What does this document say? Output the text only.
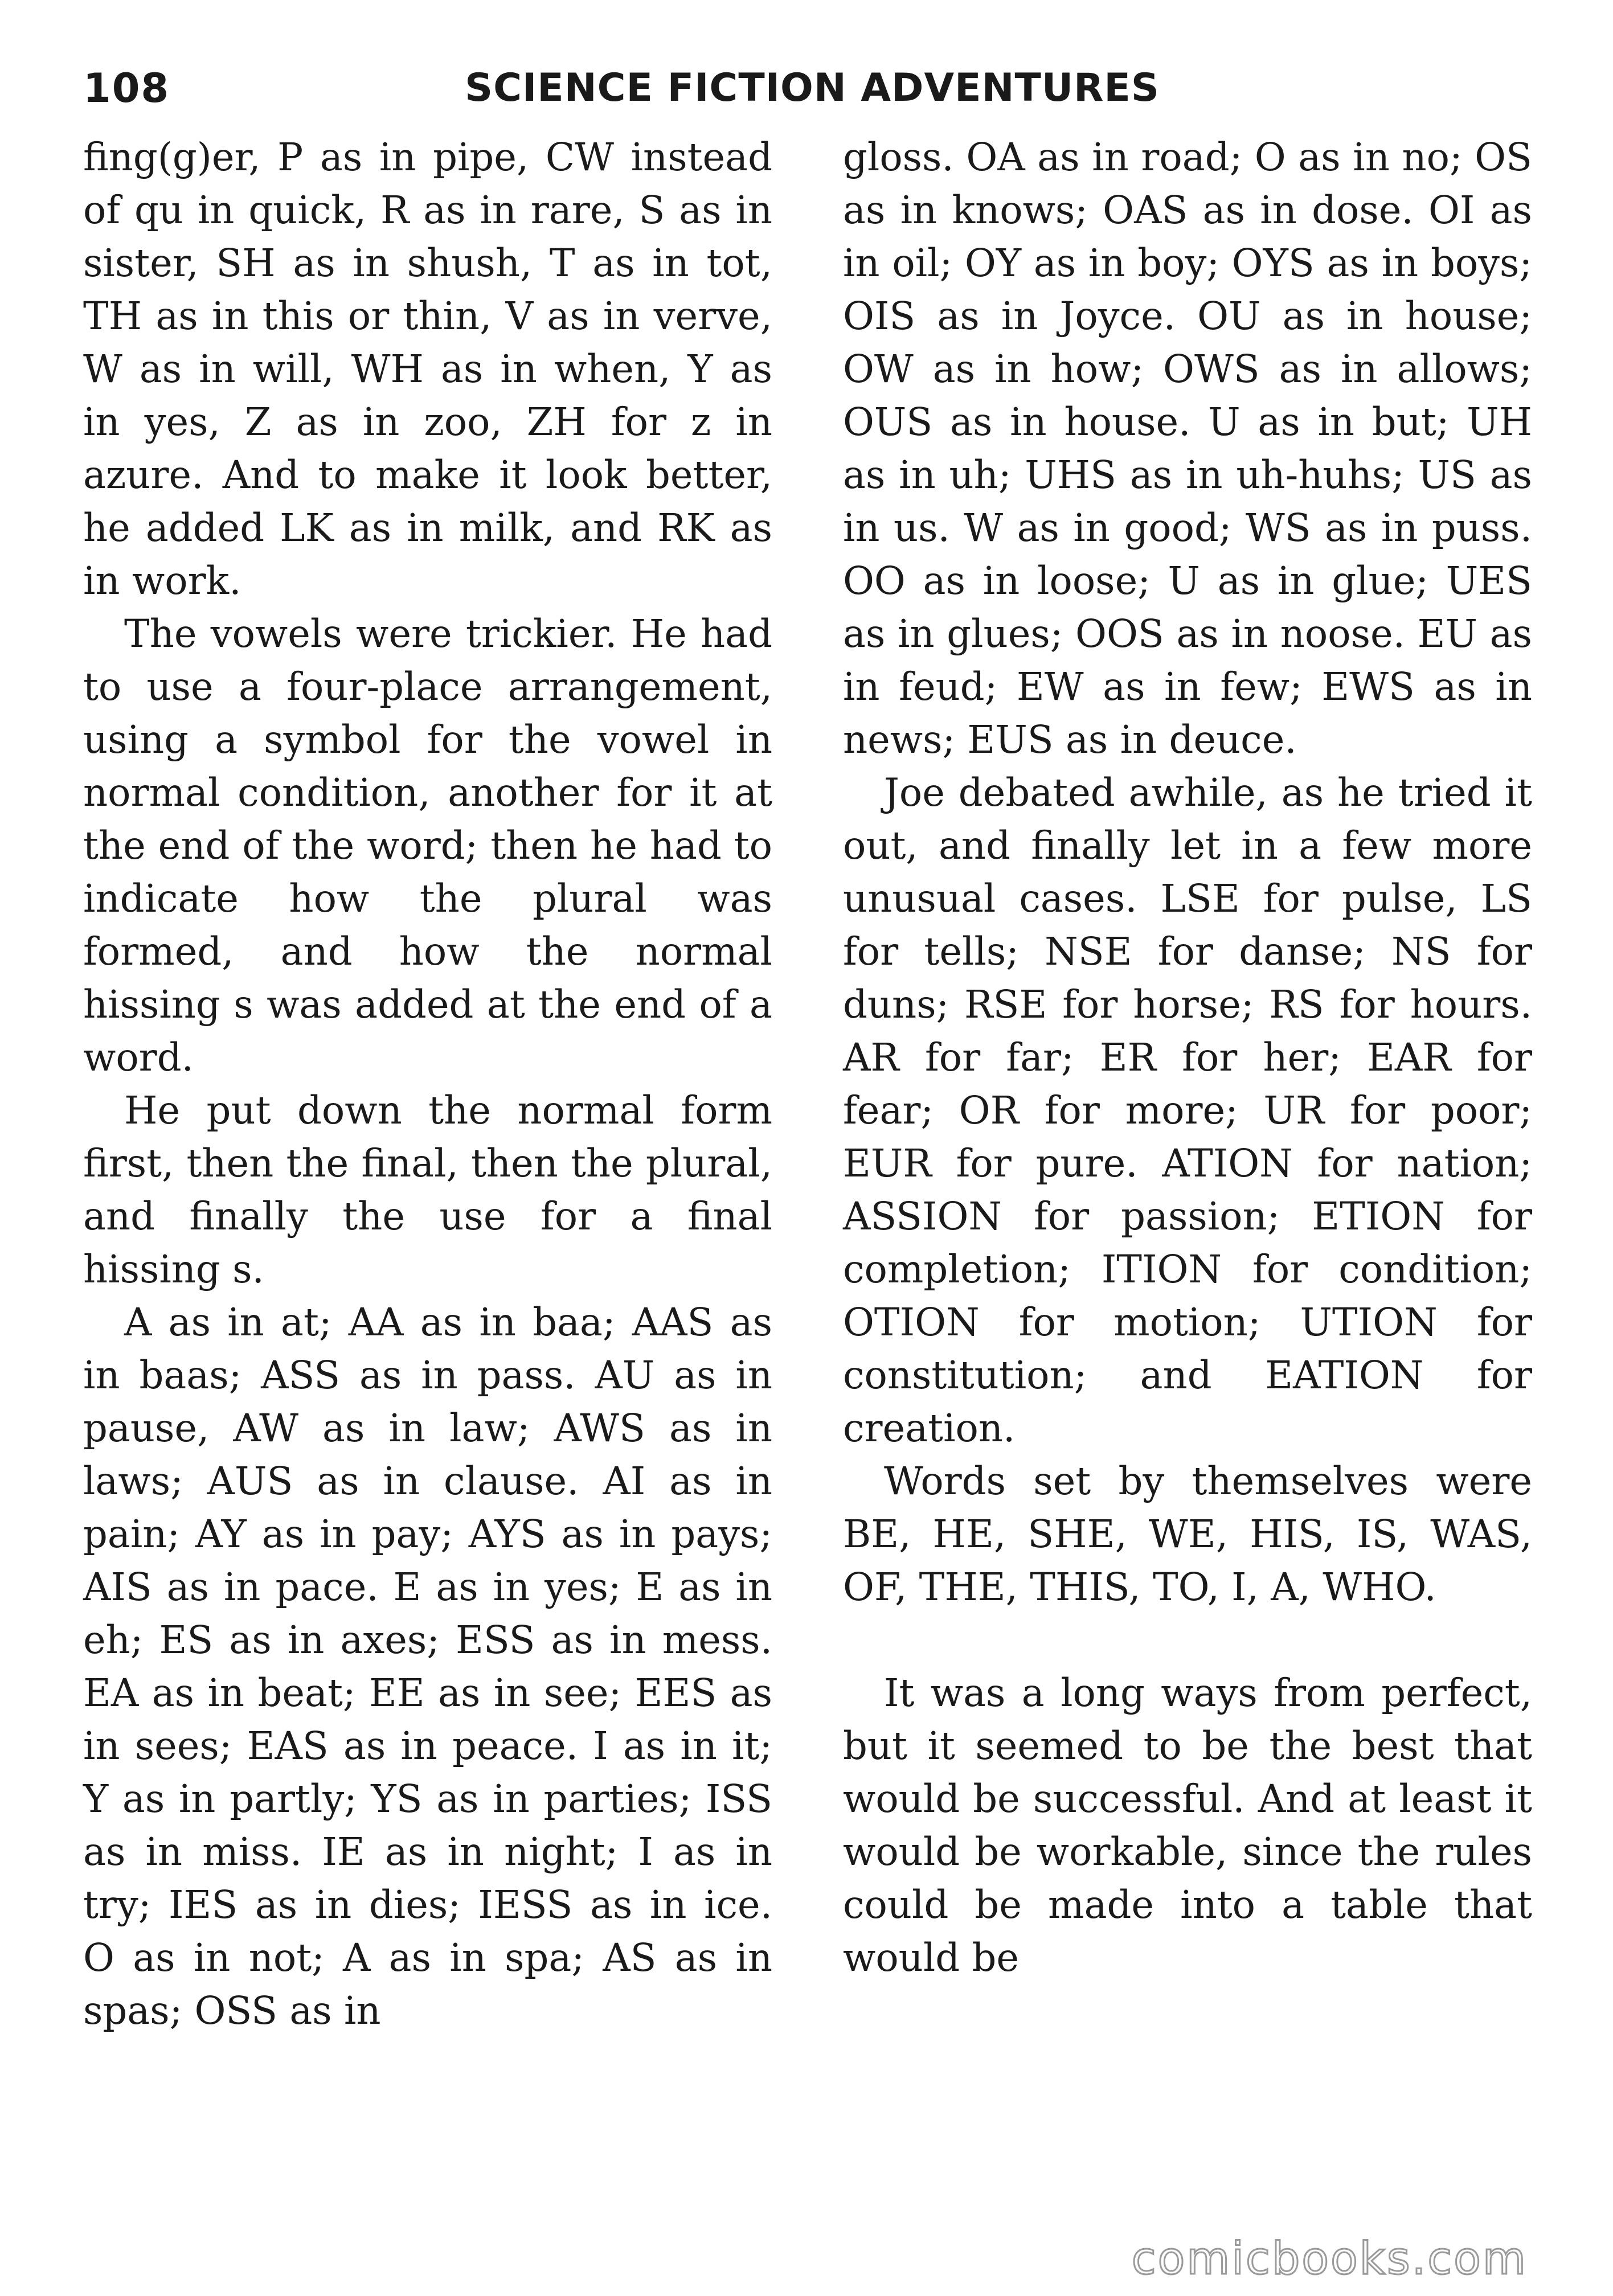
108	SCIENCE FICTION ADVENTURES

fing(g)er, P as in pipe, CW instead of qu in quick, R as in rare, S as in sister, SH as in shush, T as in tot, TH as in this or thin, V as in verve, W as in will, WH as in when, Y as in yes, Z as in zoo, ZH for z in azure. And to make it look better, he added LK as in milk, and RK as in work.

The vowels were trickier. He had to use a four-place arrangement, using a symbol for the vowel in normal condition, another for it at the end of the word; then he had to indicate how the plural was formed, and how the normal hissing s was added at the end of a word.

He put down the normal form first, then the final, then the plural, and finally the use for a final hissing s.

A as in at; AA as in baa; AAS as in baas; ASS as in pass. AU as in pause, AW as in law; AWS as in laws; AUS as in clause. AI as in pain; AY as in pay; AYS as in pays; AIS as in pace. E as in yes; E as in eh; ES as in axes; ESS as in mess. EA as in beat; EE as in see; EES as in sees; EAS as in peace. I as in it; Y as in partly; YS as in parties; ISS as in miss. IE as in night; I as in try; IES as in dies; IESS as in ice. O as in not; A as in spa; AS as in spas; OSS as in

gloss. OA as in road; O as in no; OS as in knows; OAS as in dose. OI as in oil; OY as in boy; OYS as in boys; OIS as in Joyce. OU as in house; OW as in how; OWS as in allows; OUS as in house. U as in but; UH as in uh; UHS as in uh-huhs; US as in us. W as in good; WS as in puss. OO as in loose; U as in glue; UES as in glues; OOS as in noose. EU as in feud; EW as in few; EWS as in news; EUS as in deuce.

Joe debated awhile, as he tried it out, and finally let in a few more unusual cases. LSE for pulse, LS for tells; NSE for danse; NS for duns; RSE for horse; RS for hours. AR for far; ER for her; EAR for fear; OR for more; UR for poor; EUR for pure. ATION for nation; ASSION for passion; ETION for completion; ITION for condition; OTION for motion; UTION for constitution; and EATION for creation.

Words set by themselves were BE, HE, SHE, WE, HIS, IS, WAS, OF, THE, THIS, TO, I, A, WHO.

It was a long ways from perfect, but it seemed to be the best that would be successful. And at least it would be workable, since the rules could be made into a table that would be

comicbooks.com
